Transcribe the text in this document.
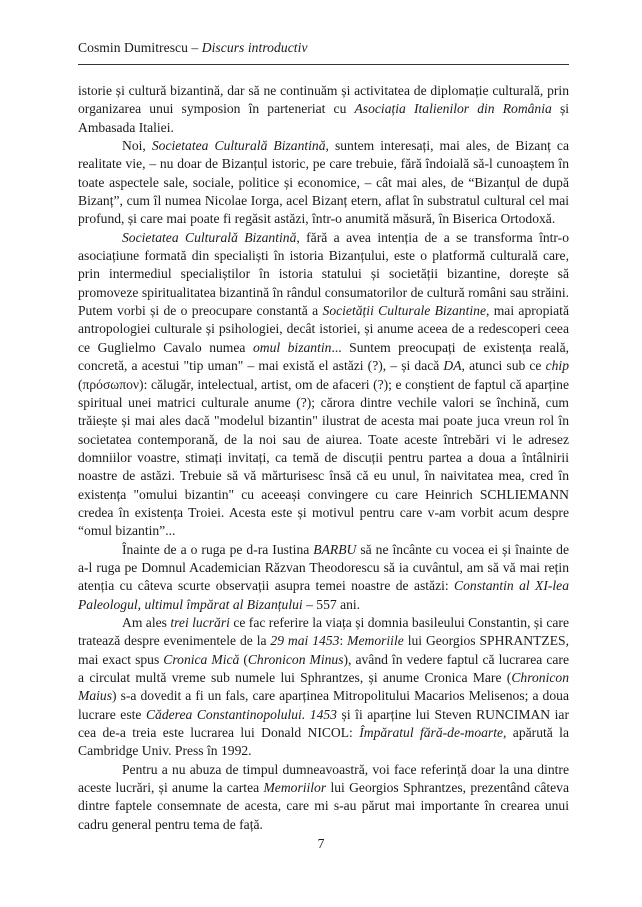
Cosmin Dumitrescu – Discurs introductiv

istorie și cultură bizantină, dar să ne continuăm și activitatea de diplomație culturală, prin organizarea unui symposion în parteneriat cu Asociația Italienilor din România și Ambasada Italiei.

Noi, Societatea Culturală Bizantină, suntem interesați, mai ales, de Bizanț ca realitate vie, – nu doar de Bizanțul istoric, pe care trebuie, fără îndoială să-l cunoaștem în toate aspectele sale, sociale, politice și economice, – cât mai ales, de “Bizanțul de după Bizanț”, cum îl numea Nicolae Iorga, acel Bizanț etern, aflat în substratul cultural cel mai profund, și care mai poate fi regăsit astăzi, într-o anumită măsură, în Biserica Ortodoxă.

Societatea Culturală Bizantină, fără a avea intenția de a se transforma într-o asociațiune formată din specialiști în istoria Bizanțului, este o platformă culturală care, prin intermediul specialiștilor în istoria statului și societății bizantine, dorește să promoveze spiritualitatea bizantină în rândul consumatorilor de cultură români sau străini. Putem vorbi și de o preocupare constantă a Societății Culturale Bizantine, mai apropiată antropologiei culturale și psihologiei, decât istoriei, și anume aceea de a redescoperi ceea ce Guglielmo Cavalo numea omul bizantin... Suntem preocupați de existența reală, concretă, a acestui "tip uman" – mai există el astăzi (?), – și dacă DA, atunci sub ce chip (πρόσωπον): călugăr, intelectual, artist, om de afaceri (?); e conștient de faptul că aparține spiritual unei matrici culturale anume (?); cărora dintre vechile valori se închină, cum trăiește și mai ales dacă "modelul bizantin" ilustrat de acesta mai poate juca vreun rol în societatea contemporană, de la noi sau de aiurea. Toate aceste întrebări vi le adresez domniilor voastre, stimați invitați, ca temă de discuții pentru partea a doua a întâlnirii noastre de astăzi. Trebuie să vă mărturisesc însă că eu unul, în naivitatea mea, cred în existența "omului bizantin" cu aceeași convingere cu care Heinrich SCHLIEMANN credea în existența Troiei. Acesta este și motivul pentru care v-am vorbit acum despre “omul bizantin”...

Înainte de a o ruga pe d-ra Iustina BARBU să ne încânte cu vocea ei și înainte de a-l ruga pe Domnul Academician Răzvan Theodorescu să ia cuvântul, am să vă mai rețin atenția cu câteva scurte observații asupra temei noastre de astăzi: Constantin al XI-lea Paleologul, ultimul împărat al Bizanțului – 557 ani.

Am ales trei lucrări ce fac referire la viața și domnia basileului Constantin, și care tratează despre evenimentele de la 29 mai 1453: Memoriile lui Georgios SPHRANTZES, mai exact spus Cronica Mică (Chronicon Minus), având în vedere faptul că lucrarea care a circulat multă vreme sub numele lui Sphrantzes, și anume Cronica Mare (Chronicon Maius) s-a dovedit a fi un fals, care aparținea Mitropolitului Macarios Melisenos; a doua lucrare este Căderea Constantinopolului. 1453 și îi aparține lui Steven RUNCIMAN iar cea de-a treia este lucrarea lui Donald NICOL: Împăratul fără-de-moarte, apărută la Cambridge Univ. Press în 1992.

Pentru a nu abuza de timpul dumneavoastră, voi face referință doar la una dintre aceste lucrări, și anume la cartea Memoriilor lui Georgios Sphrantzes, prezentând câteva dintre faptele consemnate de acesta, care mi s-au părut mai importante în crearea unui cadru general pentru tema de față.

7
